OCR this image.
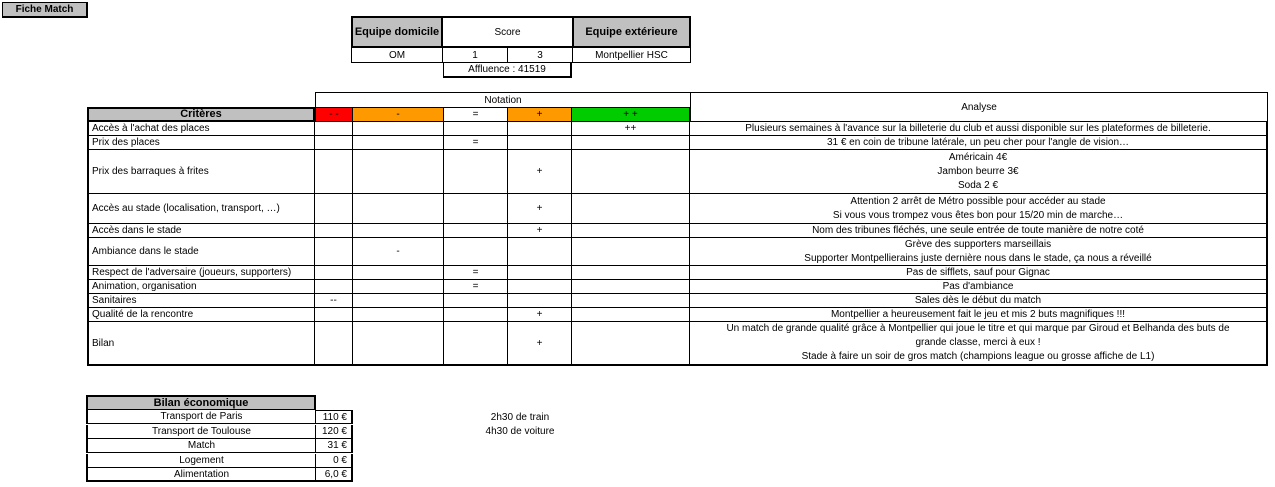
Fiche Match
Equipe domicile	Score	Equipe extérieure
OM	1	3	Montpellier HSC
Affluence : 41519
Notation
Analyse
Critères	- -	-	=	+	+ +
Accès à l'achat des places	++	Plusieurs semaines à l'avance sur la billeterie du club et aussi disponible sur les plateformes de billeterie.
Prix des places	=	31 € en coin de tribune latérale, un peu cher pour l'angle de vision…
Prix des barraques à frites	+
Américain 4€
Jambon beurre 3€
Soda 2 €
Accès au stade (localisation, transport, …)	+
Attention 2 arrêt de Métro possible pour accéder au stade
Si vous vous trompez vous êtes bon pour 15/20 min de marche…
Accès dans le stade	+	Nom des tribunes fléchés, une seule entrée de toute manière de notre coté
Ambiance dans le stade	-
Grève des supporters marseillais
Supporter Montpellierains juste dernière nous dans le stade, ça nous a réveillé
Respect de l'adversaire (joueurs, supporters)	=	Pas de sifflets, sauf pour Gignac
Animation, organisation	=	Pas d'ambiance
Sanitaires	--	Sales dès le début du match
Qualité de la rencontre	+	Montpellier a heureusement fait le jeu et mis 2 buts magnifiques !!!
Bilan	+
Un match de grande qualité grâce à Montpellier qui joue le titre et qui marque par Giroud et Belhanda des buts de
grande classe, merci à eux !
Stade à faire un soir de gros match (champions league ou grosse affiche de L1)
Bilan économique
Transport de Paris	110 €
Transport de Toulouse	120 €
Match	31 €
Logement	0 €
Alimentation	6,0 €
2h30 de train
4h30 de voiture
